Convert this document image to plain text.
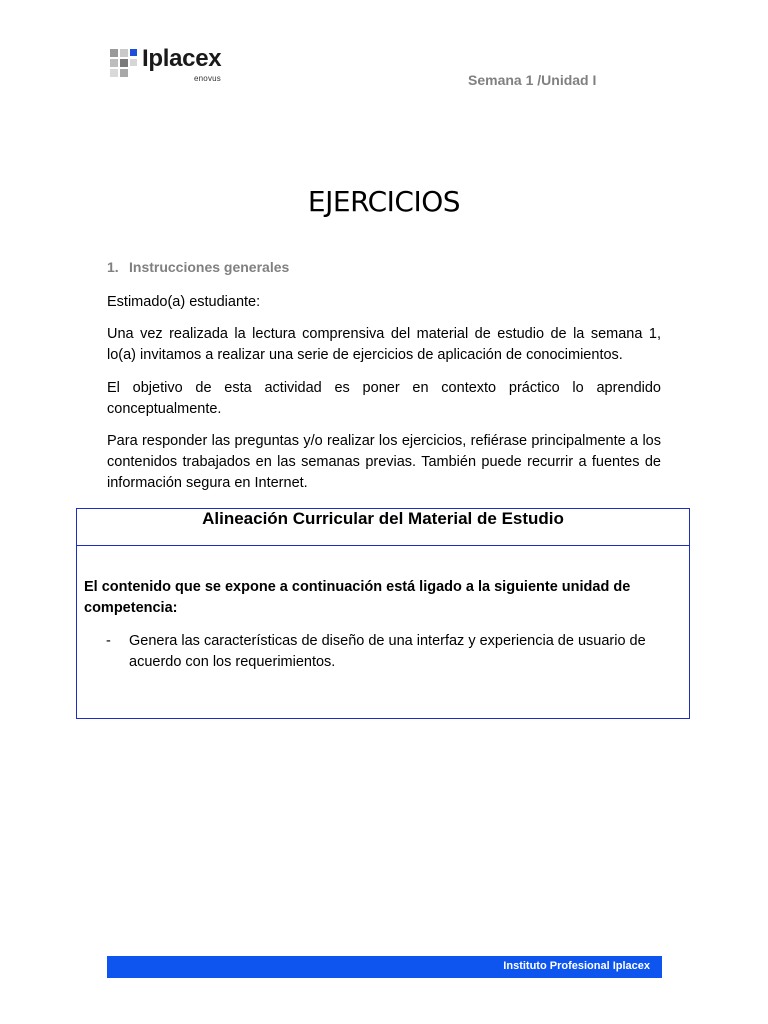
Iplacex
enovus	Semana 1 /Unidad I
EJERCICIOS
1. Instrucciones generales

Estimado(a) estudiante:

Una vez realizada la lectura comprensiva del material de estudio de la semana 1, lo(a) invitamos a realizar una serie de ejercicios de aplicación de conocimientos.

El objetivo de esta actividad es poner en contexto práctico lo aprendido conceptualmente.

Para responder las preguntas y/o realizar los ejercicios, refiérase principalmente a los contenidos trabajados en las semanas previas. También puede recurrir a fuentes de información segura en Internet.

Alineación Curricular del Material de Estudio

El contenido que se expone a continuación está ligado a la siguiente unidad de competencia:

- Genera las características de diseño de una interfaz y experiencia de usuario de acuerdo con los requerimientos.
Instituto Profesional Iplacex
